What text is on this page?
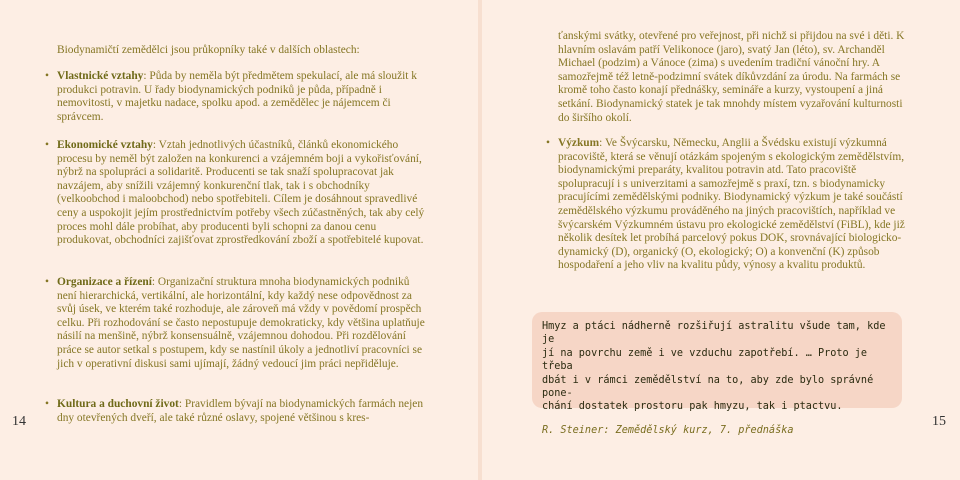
Biodynamičtí zemědělci jsou průkopníky také v dalších oblastech:
• Vlastnické vztahy: Půda by neměla být předmětem spekulací, ale má sloužit k produkci potravin. U řady biodynamických podniků je půda, případně i nemovitosti, v majetku nadace, spolku apod. a zemědělec je nájemcem či správcem.

• Ekonomické vztahy: Vztah jednotlivých účastníků, článků ekonomického procesu by neměl být založen na konkurenci a vzájemném boji a vykořisťování, nýbrž na spolupráci a solidaritě. Producenti se tak snaží spolupracovat jak navzájem, aby snížili vzájemný konkurenční tlak, tak i s obchodníky (velkoobchod i maloobchod) nebo spotřebiteli. Cílem je dosáhnout spravedlivé ceny a uspokojit jejím prostřednictvím potřeby všech zúčastněných, tak aby celý proces mohl dále probíhat, aby producenti byli schopni za danou cenu produkovat, obchodníci zajišťovat zprostředkování zboží a spotřebitelé kupovat.

• Organizace a řízení: Organizační struktura mnoha biodynamických podniků není hierarchická, vertikální, ale horizontální, kdy každý nese odpovědnost za svůj úsek, ve kterém také rozhoduje, ale zároveň má vždy v povědomí prospěch celku. Při rozhodování se často nepostupuje demokraticky, kdy většina uplatňuje násilí na menšině, nýbrž konsensuálně, vzájemnou dohodou. Při rozdělování práce se autor setkal s postupem, kdy se nastínil úkoly a jednotliví pracovníci se jich v operativní diskusi sami ujímají, žádný vedoucí jim práci nepřiděluje.

• Kultura a duchovní život: Pravidlem bývají na biodynamických farmách nejen dny otevřených dveří, ale také různé oslavy, spojené většinou s kres-

14
ťanskými svátky, otevřené pro veřejnost, při nichž si přijdou na své i děti. K hlavním oslavám patří Velikonoce (jaro), svatý Jan (léto), sv. Archanděl Michael (podzim) a Vánoce (zima) s uvedením tradiční vánoční hry. A samozřejmě též letně-podzimní svátek díkůvzdání za úrodu. Na farmách se kromě toho často konají přednášky, semináře a kurzy, vystoupení a jiná setkání. Biodynamický statek je tak mnohdy místem vyzařování kulturnosti do širšího okolí.
• Výzkum: Ve Švýcarsku, Německu, Anglii a Švédsku existují výzkumná pracoviště, která se věnují otázkám spojeným s ekologickým zemědělstvím, biodynamickými preparáty, kvalitou potravin atd. Tato pracoviště spolupracují i s univerzitami a samozřejmě s praxí, tzn. s biodynamicky pracujícími zemědělskými podniky. Biodynamický výzkum je také součástí zemědělského výzkumu prováděného na jiných pracovištích, například ve švýcarském Výzkumném ústavu pro ekologické zemědělství (FiBL), kde již několik desítek let probíhá parcelový pokus DOK, srovnávající biologicko-dynamický (D), organický (O, ekologický; O) a konvenční (K) způsob hospodaření a jeho vliv na kvalitu půdy, výnosy a kvalitu produktů.

Hmyz a ptáci nádherně rozšiřují astralitu všude tam, kde je
jí na povrchu země i ve vzduchu zapotřebí. … Proto je třeba
dbát i v rámci zemědělství na to, aby zde bylo správné pone-
chání dostatek prostoru pak hmyzu, tak i ptactvu.

R. Steiner: Zemědělský kurz, 7. přednáška

15
